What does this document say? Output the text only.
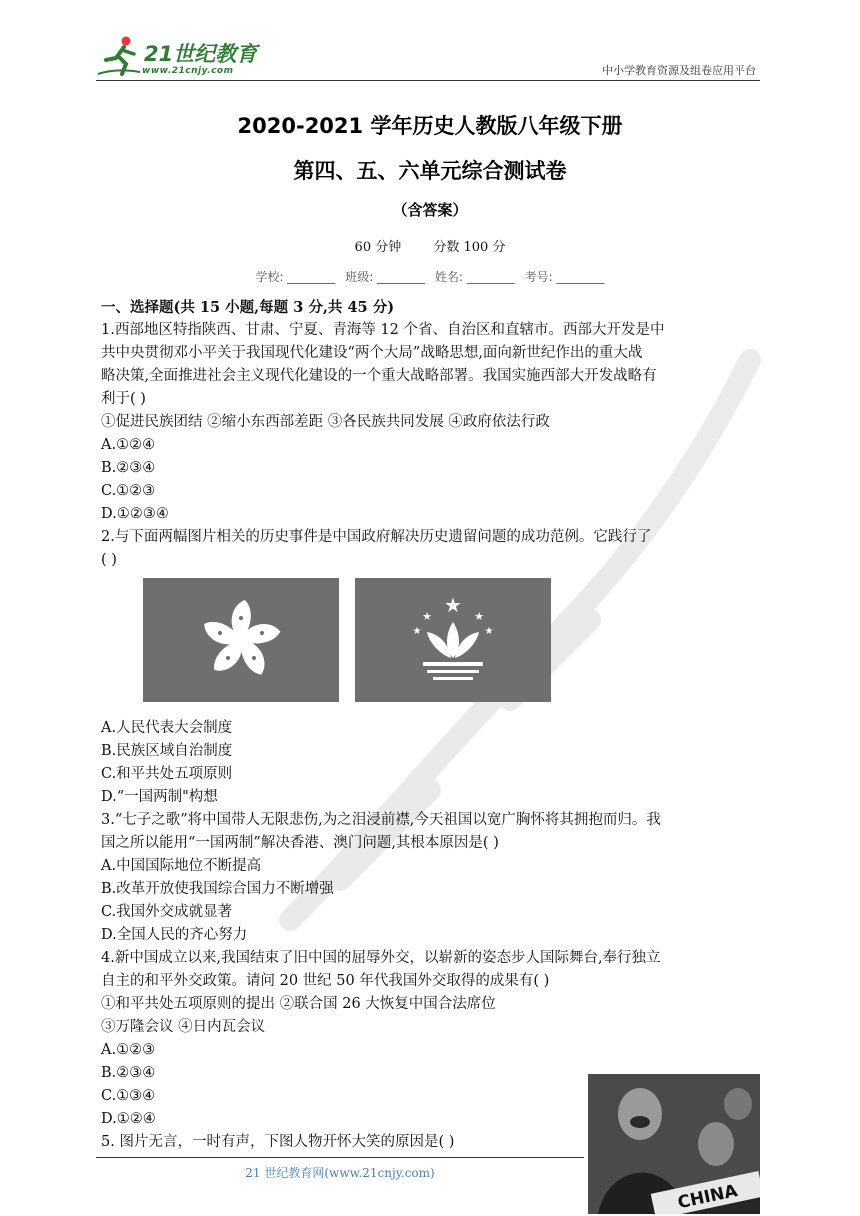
21世纪教育
www.21cnjy.com	中小学教育资源及组卷应用平台
2020-2021 学年历史人教版八年级下册
第四、五、六单元综合测试卷
（含答案）
60 分钟 分数 100 分
学校: ________ 班级: ________ 姓名: ________ 考号: ________
一、选择题(共 15 小题,每题 3 分,共 45 分)
1.西部地区特指陕西、甘肃、宁夏、青海等 12 个省、自治区和直辖市。西部大开发是中
共中央贯彻邓小平关于我国现代化建设“两个大局”战略思想,面向新世纪作出的重大战
略决策,全面推进社会主义现代化建设的一个重大战略部署。我国实施西部大开发战略有
利于( )
①促进民族团结 ②缩小东西部差距 ③各民族共同发展 ④政府依法行政
A.①②④
B.②③④
C.①②③
D.①②③④
2.与下面两幅图片相关的历史事件是中国政府解决历史遗留问题的成功范例。它践行了
( )
★
★	★
★	★
A.人民代表大会制度
B.民族区域自治制度
C.和平共处五项原则
D.“一国两制"构想
3.“七子之歌”将中国带人无限悲伤,为之泪浸前襟,今天祖国以宽广胸怀将其拥抱而归。我
国之所以能用“一国两制”解决香港、澳门问题,其根本原因是( )
A.中国国际地位不断提高
B.改革开放使我国综合国力不断增强
C.我国外交成就显著
D.全国人民的齐心努力
4.新中国成立以来,我国结束了旧中国的屈辱外交，以崭新的姿态步人国际舞台,奉行独立
自主的和平外交政策。请问 20 世纪 50 年代我国外交取得的成果有( )
①和平共处五项原则的提出 ②联合国 26 大恢复中国合法席位
③万隆会议 ④日内瓦会议
A.①②③
B.②③④
C.①③④
D.①②④
5. 图片无言，一时有声，下图人物开怀大笑的原因是( )
CHINA
21 世纪教育网(www.21cnjy.com)
